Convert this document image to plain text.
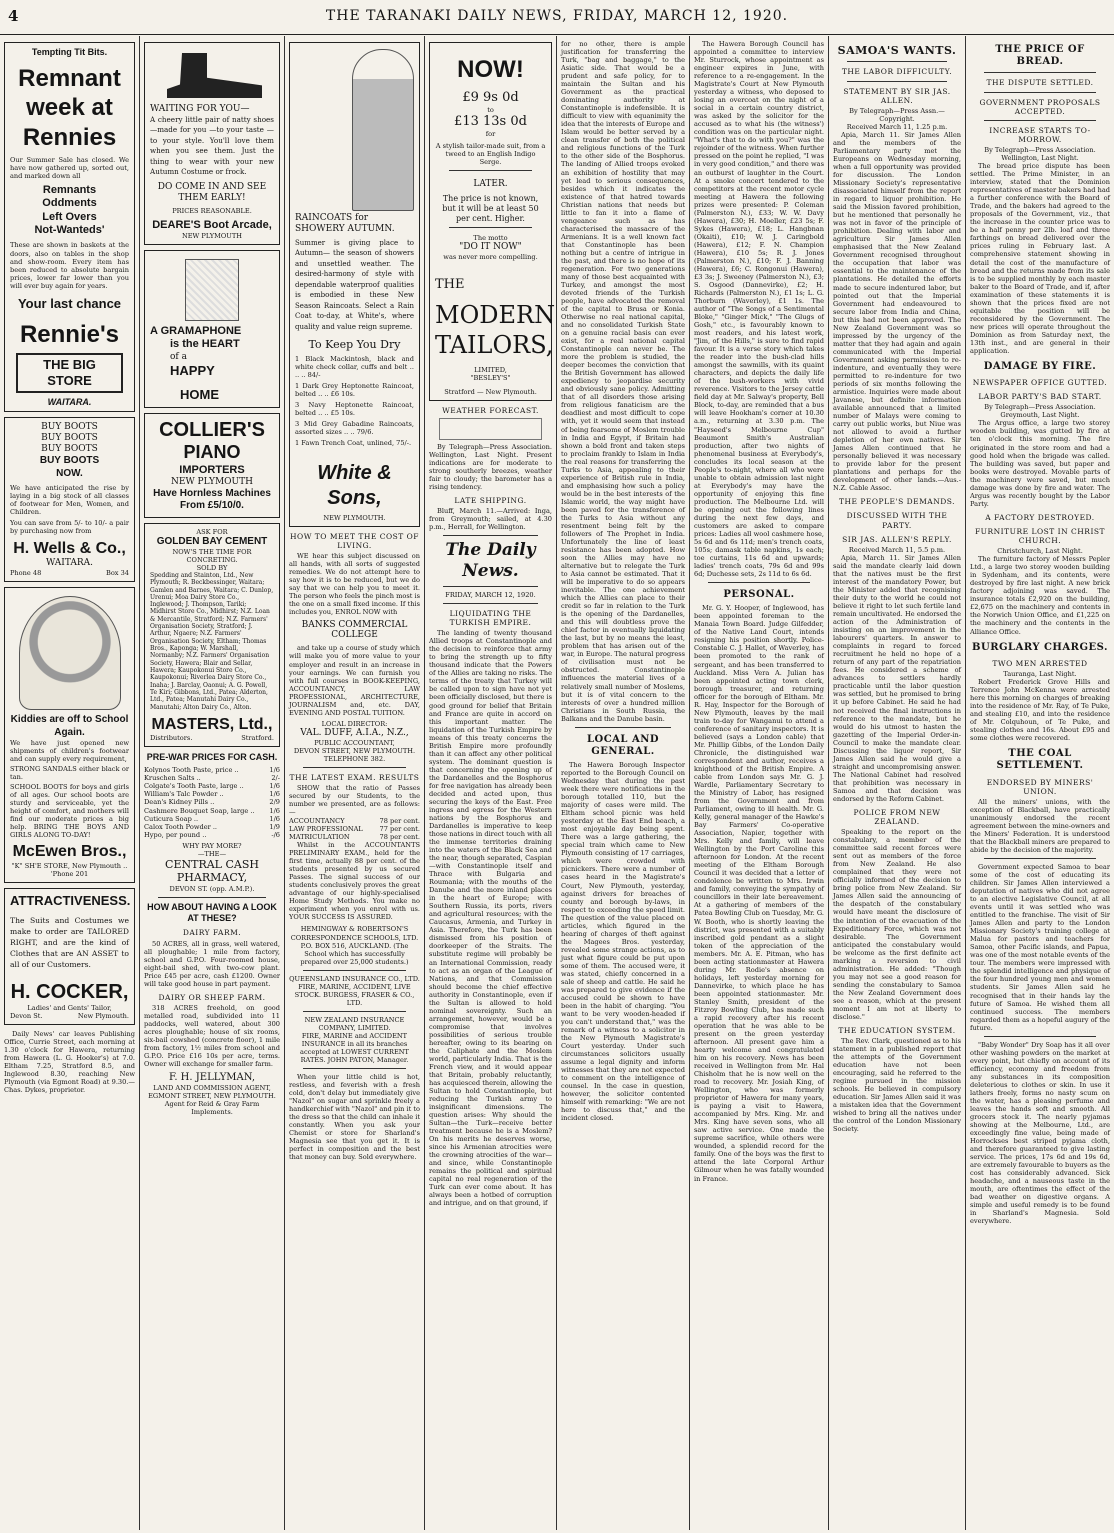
4	THE TARANAKI DAILY NEWS, FRIDAY, MARCH 12, 1920.
Tempting Tit Bits.
Remnant
week at
Rennies

Our Summer Sale has closed. We have now gathered up, sorted out, and marked down all

Remnants
Oddments
Left Overs
Not-Wanteds'

These are shown in baskets at the doors, also on tables in the shop and show-room. Every item has been reduced to absolute bargain prices, lower far lower than you will ever buy again for years.

Your last chance
Rennie's
THE BIG STORE
WAITARA.
BUY BOOTS
BUY BOOTS
BUY BOOTS
BUY BOOTS
NOW.

We have anticipated the rise by laying in a big stock of all classes of footwear for Men, Women, and Children.

You can save from 5/- to 10/- a pair by purchasing now from

H. Wells & Co.,
WAITARA.
Phone 48	Box 34
Kiddies are off to School Again.

We have just opened new shipments of children's footwear and can supply every requirement,

STRONG SANDALS either black or tan.

SCHOOL BOOTS for boys and girls of all ages. Our school boots are sturdy and serviceable, yet the height of comfort, and mothers will find our moderate prices a big help. BRING THE BOYS AND GIRLS ALONG TO-DAY!

McEwen Bros.,
"K" SH'E STORE, New Plymouth .. 'Phone 201
ATTRACTIVENESS.

The Suits and Costumes we make to order are TAILORED RIGHT, and are the kind of Clothes that are AN ASSET to all of our Customers.

H. COCKER,
Ladies' and Gents' Tailor,
Devon St.	New Plymouth.

Daily News' car leaves Publishing Office, Currie Street, each morning at 1.30 o'clock for Hawera, returning from Hawera (L. G. Hooker's) at 7.0. Eltham 7.25, Stratford 8.5, and Inglewood 8.30, reaching New Plymouth (via Egmont Road) at 9.30.—Chas. Dykes, proprietor.

WAITING FOR YOU—

A cheery little pair of natty shoes —made for you —to your taste —to your style. You'll love them when you see them. Just the thing to wear with your new Autumn Costume or frock.

DO COME IN AND SEE THEM EARLY!
PRICES REASONABLE.
DEARE'S Boot Arcade,
NEW PLYMOUTH
A GRAMAPHONE
is the HEART
of a
HAPPY
HOME
COLLIER'S
PIANO
IMPORTERS
NEW PLYMOUTH
Have Hornless Machines From £5/10/0.
ASK FOR
GOLDEN BAY CEMENT
NOW'S THE TIME FOR CONCRETING.
SOLD BY

Spedding and Stainton, Ltd., New Plymouth; R. Beckbessinger, Waitara; Gamlen and Barnes, Waitara; C. Dunlop, Urenui; Moa Dairy Store Co., Inglewood; J. Thompson, Tariki; Midhirst Store Co., Midhirst; N.Z. Loan & Mercantile, Stratford; N.Z. Farmers' Organisation Society, Stratford; J. Arthur, Ngaere; N.Z. Farmers' Organisation Society, Eltham; Thomas Bros., Kaponga; W. Marshall, Normanby; N.Z. Farmers' Organisation Society, Hawera; Blair and Sellar, Hawera; Kaupokonui Store Co., Kaupokonui; Riverlea Dairy Store Co., Inaha; J. Barclay, Oaonui; A. G. Powell, Te Kiri; Gibbons, Ltd., Patea; Alderton, Ltd., Patea; Manutahi Dairy Co., Manutahi; Alton Dairy Co., Alton.

MASTERS, Ltd.,
Distributors.	Stratford.
PRE-WAR PRICES FOR CASH.
Kolynos Tooth Paste, price ..	1/6
Kruschen Salts ..	2/-
Colgate's Tooth Paste, large ..	1/6
William's Talc Powder ..	1/6
Dean's Kidney Pills ..	2/9
Cashmere Bouquet Soap, large .. 1/6
Cuticura Soap ..	1/6
Calox Tooth Powder ..	1/9
Hypo, per pound ..	-/6
WHY PAY MORE?
—THE—
CENTRAL CASH PHARMACY,
DEVON ST. (opp. A.M.P.).
HOW ABOUT HAVING A LOOK AT THESE?
DAIRY FARM.

50 ACRES, all in grass, well watered, all ploughable; 1 mile from factory, school and G.P.O. Four-roomed house, eight-bail shed, with two-cow plant. Price £45 per acre, cash £1200. Owner will take good house in part payment.

DAIRY OR SHEEP FARM.

318 ACRES freehold, on good metalled road, subdivided into 11 paddocks, well watered, about 300 acres ploughable; house of six rooms, six-bail cowshed (concrete floor), 1 mile from factory, 1½ miles from school and G.P.O. Price £16 10s per acre, terms. Owner will exchange for smaller farm.

F. H. JELLYMAN,
LAND AND COMMISSION AGENT, EGMONT STREET, NEW PLYMOUTH.
Agent for Reid & Gray Farm Implements.
RAINCOATS for SHOWERY AUTUMN.

Summer is giving place to Autumn— the season of showers and unsettled weather. The desired-harmony of style with dependable waterproof qualities is embodied in these New Season Raincoats. Select a Rain Coat to-day, at White's, where quality and value reign supreme.

To Keep You Dry

1 Black Mackintosh, black and white check collar, cuffs and belt .. .. .. 84/-

1 Dark Grey Heptonette Raincoat, belted .. .. £6 10s.

3 Navy Heptonette Raincoat, belted .. .. £5 10s.

3 Mid Grey Gabadine Raincoats, assorted sizes .. .. 79/6.

1 Fawn Trench Coat, unlined, 75/-.

White & Sons,
NEW PLYMOUTH.
HOW TO MEET THE COST OF LIVING.

WE hear this subject discussed on all hands, with all sorts of suggested remedies. We do not attempt here to say how it is to be reduced, but we do say that we can help you to meet it. The person who feels the pinch most is the one on a small fixed income. If this includes you, ENROL NOW with

BANKS COMMERCIAL COLLEGE

and take up a course of study which will make you of more value to your employer and result in an increase in your earnings. We can furnish you with full courses in BOOK-KEEPING, ACCOUNTANCY, LAW PROFESSIONAL, ARCHITECTURE, JOURNALISM and, etc. DAY, EVENING AND POSTAL TUITION.

LOCAL DIRECTOR:
VAL. DUFF, A.I.A., N.Z.,
PUBLIC ACCOUNTANT,
DEVON STREET, NEW PLYMOUTH.
TELEPHONE 382.
THE LATEST EXAM. RESULTS

SHOW that the ratio of Passes secured by our Students, to the number we presented, are as follows:—

ACCOUNTANCY	78 per cent.
LAW PROFESSIONAL	77 per cent.
MATRICULATION	78 per cent.

Whilst in the ACCOUNTANTS PRELIMINARY EXAM., held for the first time, actually 88 per cent. of the students presented by us secured Passes. The signal success of our students conclusively proves the great advantage of our highly-specialised Home Study Methods. You make no experiment when you enrol with us. YOUR SUCCESS IS ASSURED.

HEMINGWAY & ROBERTSON'S CORRESPONDENCE SCHOOLS, LTD.
P.O. BOX 516, AUCKLAND. (The School which has successfully prepared over 25,000 students.)
QUEENSLAND INSURANCE CO., LTD.
FIRE, MARINE, ACCIDENT, LIVE STOCK. BURGESS, FRASER & CO., LTD.
NEW ZEALAND INSURANCE COMPANY, LIMITED.
FIRE, MARINE and ACCIDENT INSURANCE in all its branches accepted at LOWEST CURRENT RATES. JOHN PATON, Manager.

When your little child is hot, restless, and feverish with a fresh cold, don't delay but immediately give "Nazol" on sugar and sprinkle freely a handkerchief with "Nazol" and pin it to the dress so that the child can inhale it constantly. When you ask your Chemist or store for Sharland's Magnesia see that you get it. It is perfect in composition and the best that money can buy. Sold everywhere.

NOW!
£9 9s 0d
to
£13 13s 0d
for

A stylish tailor-made suit, from a tweed to an English Indigo Serge.

LATER.

The price is not known, but it will be at least 50 per cent. Higher.

The motto
"DO IT NOW"
was never more compelling.
THE
MODERN
TAILORS,
LIMITED,
"BESLEY'S"
Stratford — New Plymouth.
WEATHER FORECAST.

By Telegraph—Press Association. Wellington, Last Night. Present indications are for moderate to strong southerly breezes, weather fair to cloudy; the barometer has a rising tendency.

LATE SHIPPING.

Bluff, March 11.—Arrived: Inga, from Greymouth; sailed, at 4.30 p.m., Herrall, for Wellington.

The Daily News.
FRIDAY, MARCH 12, 1920.
LIQUIDATING THE TURKISH EMPIRE.

The landing of twenty thousand Allied troops at Constantinople and the decision to reinforce that army to bring the strength up to fifty thousand indicate that the Powers of the Allies are taking no risks. The terms of the treaty that Turkey will be called upon to sign have not yet been officially disclosed, but there is good ground for belief that Britain and France are quite in accord on this important matter. The liquidation of the Turkish Empire by means of this treaty concerns the British Empire more profoundly than it can affect any other political system. The dominant question is that concerning the opening up of the Dardanelles and the Bosphorus for free navigation has already been decided and acted upon, thus securing the keys of the East. Free ingress and egress for the Western nations by the Bosphorus and Dardanelles is imperative to keep those nations in direct touch with all the immense territories draining into the waters of the Black Sea and the near, though separated, Caspian—with Constantinople itself and Thrace with Bulgaria and Roumania; with the mouths of the Danube and the more inland places in the heart of Europe; with Southern Russia, its ports, rivers and agricultural resources; with the Caucasus, Armenia, and Turkey in Asia. Therefore, the Turk has been dismissed from his position of doorkeeper of the Straits. The substitute regime will probably be an International Commission, ready to act as an organ of the League of Nations, and that Commission should become the chief effective authority in Constantinople, even if the Sultan is allowed to hold nominal sovereignty. Such an arrangement, however, would be a compromise that involves possibilities of serious trouble hereafter, owing to its bearing on the Caliphate and the Moslem world, particularly India. That is the French view, and it would appear that Britain, probably reluctantly, has acquiesced therein, allowing the Sultan to hold Constantinople, but reducing the Turkish army to insignificant dimensions. The question arises: Why should the Sultan—the Turk—receive better treatment because he is a Moslem? On his merits he deserves worse, since his Armenian atrocities were the crowning atrocities of the war—and since, while Constantinople remains the political and spiritual capital no real regeneration of the Turk can ever come about. It has always been a hotbed of corruption and intrigue, and on that ground, if

for no other, there is ample justification for transferring the Turk, "bag and baggage," to the Asiatic side. That would be a prudent and safe policy, for to maintain the Sultan and his Government as the practical dominating authority at Constantinople is indefensible. It is difficult to view with equanimity the idea that the interests of Europe and Islam would be better served by a clean transfer of both the political and religious functions of the Turk to the other side of the Bosphorus. The landing of Allied troops evoked an exhibition of hostility that may yet lead to serious consequences, besides which it indicates the existence of that hatred towards Christian nations that needs but little to fan it into a flame of vengeance such as has characterised the massacre of the Armenians. It is a well known fact that Constantinople has been nothing but a centre of intrigue in the past, and there is no hope of its regeneration. For two generations many of those best acquainted with Turkey, and amongst the most devoted friends of the Turkish people, have advocated the removal of the capital to Brusa or Konia. Otherwise no real national capital, and no consolidated Turkish State on a genuine racial basis can ever exist, for a real national capital Constantinople can never be. The more the problem is studied, the deeper becomes the conviction that the British Government has allowed expediency to jeopardise security and obviously sane policy. Admitting that of all disorders those arising from religious fanaticism are the deadliest and most difficult to cope with, yet it would seem that instead of being fearsome of Moslem trouble in India and Egypt, if Britain had shown a bold front and taken steps to proclaim frankly to Islam in India the real reasons for transferring the Turks to Asia, appealing to their experience of British rule in India, and emphasising how such a policy would be in the best interests of the Islamic world, the way might have been paved for the transference of the Turks to Asia without any resentment being felt by the followers of The Prophet in India. Unfortunately the line of least resistance has been adopted. How soon the Allies may have no alternative but to relegate the Turk to Asia cannot be estimated. That it will be imperative to do so appears inevitable. The one achievement which the Allies can place to their credit so far in relation to the Turk is the opening of the Dardanelles, and this will doubtless prove the chief factor in eventually liquidating the last, but by no means the least, problem that has arisen out of the war, in Europe. The natural progress of civilisation must not be obstructed. Constantinople influences the material lives of a relatively small number of Moslems, but it is of vital concern to the interests of over a hundred million Christians in South Russia, the Balkans and the Danube basin.

LOCAL AND GENERAL.

The Hawera Borough Inspector reported to the Borough Council on Wednesday that during the past week there were notifications in the borough totalled 110, but the majority of cases were mild. The Eltham school picnic was held yesterday at the East End beach, a most enjoyable day being spent. There was a large gathering, the special train which came to New Plymouth consisting of 17 carriages, which were crowded with picnickers. There were a number of cases heard in the Magistrate's Court, New Plymouth, yesterday, against drivers for breaches of county and borough by-laws, in respect to exceeding the speed limit. The question of the value placed on articles, which figured in the hearing of charges of theft against the Magees Bros. yesterday, revealed some strange actions, as to just what figure could be put upon some of them. The accused were, it was stated, chiefly concerned in a sale of sheep and cattle. He said he was prepared to give evidence if the accused could be shown to have been in the habit of charging. "You want to be very wooden-headed if you can't understand that," was the remark of a witness to a solicitor in the New Plymouth Magistrate's Court yesterday. Under such circumstances solicitors usually assume a legal dignity and inform witnesses that they are not expected to comment on the intelligence of counsel. In the case in question, however, the solicitor contented himself with remarking: "We are not here to discuss that," and the incident closed.

The Hawera Borough Council has appointed a committee to interview Mr. Sturrock, whose appointment as engineer expires in June, with reference to a re-engagement. In the Magistrate's Court at New Plymouth yesterday a witness, who deposed to losing an overcoat on the night of a social in a certain country district, was asked by the solicitor for the accused as to what his (the witness') condition was on the particular night. "What's that to do with you?" was the rejoinder of the witness. When further pressed on the point he replied, "I was in very good condition," and there was an outburst of laughter in the Court. At a smoke concert tendered to the competitors at the recent motor cycle meeting at Hawera the following prizes were presented: P. Coleman (Palmerston N.), £33; W. W. Davy (Hawera), £30; H. Moeller, £23 5s; F. Sykes (Hawera), £18; L. Hangbnan (Okaiti), £10; W. J. Caringbold (Hawera), £12; F. N. Champion (Hawera), £10 5s; R. J. Jones (Palmerston N.), £10; F. J. Banning (Hawera), £6; C. Rongonui (Hawera), £3 3s; J. Sweeney (Palmerston N.), £3; S. Osgood (Dannevirke), £2; H. Richards (Palmerston N.), £1 1s; L. G. Thorburn (Waverley), £1 1s. The author of "The Songs of a Sentimental Bloke," "Ginger Mick," "The Glugs of Gosh," etc., is favourably known to most readers, and his latest work, "Jim, of the Hills," is sure to find rapid favour. It is a verse story which takes the reader into the bush-clad hills amongst the sawmills, with its quaint characters, and depicts the daily life of the bush-workers with vivid reverence. Visitors to the Jersey cattle field day at Mr. Salway's property, Bell Block, to-day, are reminded that a bus will leave Hookham's corner at 10.30 a.m., returning at 3.30 p.m. The "Hayseed's Melbourne Cup" Beaumont Smith's Australian production, after two nights of phenomenal business at Everybody's, concludes its local season at the People's to-night, where all who were unable to obtain admission last night at Everybody's may have the opportunity of enjoying this fine production. The Melbourne Ltd. will be opening out the following lines during the next few days, and customers are asked to compare prices: Ladies all wool cashmere hose, 5s 6d and 6s 11d; men's trench coats, 105s; damask table napkins, 1s each; toe curtains, 11s 6d and upwards; ladies' trench coats, 79s 6d and 99s 6d; Duchesse sets, 2s 11d to 6s 6d.

PERSONAL.

Mr. G. Y. Hooper, of Inglewood, has been appointed foreman to the Manaia Town Board. Judge Gilfedder, of the Native Land Court, intends resigning his position shortly. Police-Constable C. J. Hallet, of Waverley, has been promoted to the rank of sergeant, and has been transferred to Auckland. Miss Vera A. Julian has been appointed acting town clerk, borough treasurer, and returning officer for the borough of Eltham. Mr. R. Hay, Inspector for the Borough of New Plymouth, leaves by the mail train to-day for Wanganui to attend a conference of sanitary inspectors. It is believed (says a London cable) that Mr. Phillip Gibbs, of the London Daily Chronicle, the distinguished war correspondent and author, receives a knighthood of the British Empire. A cable from London says Mr. G. J. Wardle, Parliamentary Secretary to the Ministry of Labor, has resigned from the Government and from Parliament, owing to ill health. Mr. G. Kelly, general manager of the Hawke's Bay Farmers' Co-operative Association, Napier, together with Mrs. Kelly and family, will leave Wellington by the Port Caroline this afternoon for London. At the recent meeting of the Eltham Borough Council it was decided that a letter of condolence be written to Mrs. Irwin and family, conveying the sympathy of councillors in their late bereavement. At a gathering of members of the Patea Bowling Club on Tuesday, Mr. G. W. Booth, who is shortly leaving the district, was presented with a suitably inscribed gold pendant as a slight token of the appreciation of the members. Mr. A. E. Pitman, who has been acting stationmaster at Hawera during Mr. Rodie's absence on holidays, left yesterday morning for Dannevirke, to which place he has been appointed stationmaster. Mr. Stanley Smith, president of the Fitzroy Bowling Club, has made such a rapid recovery after his recent operation that he was able to be present on the green yesterday afternoon. All present gave him a hearty welcome and congratulated him on his recovery. News has been received in Wellington from Mr. Hal Chisholm that he is now well on the road to recovery. Mr. Josiah King, of Wellington, who was formerly proprietor of Hawera for many years, is paying a visit to Hawera, accompanied by Mrs. King. Mr. and Mrs. King have seven sons, who all saw active service. One made the supreme sacrifice, while others were wounded, a splendid record for the family. One of the boys was the first to attend the late Corporal Arthur Gilmour when he was fatally wounded in France.

SAMOA'S WANTS.
THE LABOR DIFFICULTY.
STATEMENT BY SIR JAS. ALLEN.
By Telegraph—Press Assn.—Copyright.
Received March 11, 1.25 p.m.

Apia, March 11. Sir James Allen and the members of the Parliamentary party met the Europeans on Wednesday morning, when a full opportunity was provided for discussion. The London Missionary Society's representative disassociated himself from the report in regard to liquor prohibition. He said the Mission favored prohibition, but he mentioned that personally he was not in favor of the principle of prohibition. Dealing with labor and agriculture Sir James Allen emphasised that the New Zealand Government recognised throughout the occupation that labor was essential to the maintenance of the plantations. He detailed the efforts made to secure indentured labor, but pointed out that the Imperial Government had endeavoured to secure labor from India and China, but this had not been approved. The New Zealand Government was so impressed by the urgency of the matter that they had again and again communicated with the Imperial Government asking permission to re-indenture, and eventually they were permitted to re-indenture for two periods of six months following the armistice. Inquiries were made about Javanese, but definite information available announced that a limited number of Malays were coming to carry out public works, but Niue was not allowed to avoid a further depletion of her own natives. Sir James Allen continued that he personally believed it was necessary to provide labor for the present plantations and perhaps for the development of other lands.—Aus.-N.Z. Cable Assoc.

THE PEOPLE'S DEMANDS.
DISCUSSED WITH THE PARTY.
SIR JAS. ALLEN'S REPLY.
Received March 11, 5.5 p.m.

Apia, March 11. Sir James Allen said the mandate clearly laid down that the natives must be the first interest of the mandatory Power, but the Minister added that recognising their duty to the world he could not believe it right to let such fertile land remain uncultivated. He endorsed the action of the Administration of insisting on an improvement in the labourers' quarters. In answer to complaints in regard to forced recruitment he held no hope of a return of any part of the repatriation fees. He considered a scheme of advances to settlers hardly practicable until the labor question was settled, but he promised to bring it up before Cabinet. He said he had not received the final instructions in reference to the mandate, but he would do his utmost to hasten the gazetting of the Imperial Order-in-Council to make the mandate clear. Discussing the liquor report, Sir James Allen said he would give a straight and uncompromising answer. The National Cabinet had resolved that prohibition was necessary in Samoa and that decision was endorsed by the Reform Cabinet.

POLICE FROM NEW ZEALAND.

Speaking to the report on the constabulary, a member of the committee said recent forces were sent out as members of the force from New Zealand. He also complained that they were not officially informed of the decision to bring police from New Zealand. Sir James Allen said the announcing of the despatch of the constabulary would have meant the disclosure of the intention of the evacuation of the Expeditionary Force, which was not desirable. The Government anticipated the constabulary would be welcome as the first definite act marking a reversion to civil administration. He added: "Though you may not see a good reason for sending the constabulary to Samoa the New Zealand Government does see a reason, which at the present moment I am not at liberty to disclose."

THE EDUCATION SYSTEM.

The Rev. Clark, questioned as to his statement in a published report that the attempts of the Government education have not been encouraging, said he referred to the regime pursued in the mission schools. He believed in compulsory education. Sir James Allen said it was a mistaken idea that the Government wished to bring all the natives under the control of the London Missionary Society.

THE PRICE OF BREAD.
THE DISPUTE SETTLED.
GOVERNMENT PROPOSALS ACCEPTED.
INCREASE STARTS TO-MORROW.
By Telegraph—Press Association.
Wellington, Last Night.

The bread price dispute has been settled. The Prime Minister, in an interview, stated that the Dominion representatives of master bakers had had a further conference with the Board of Trade, and the bakers had agreed to the proposals of the Government, viz., that the increase in the counter price was to be a half penny per 2lb. loaf and three farthings on bread delivered over the prices ruling in February last. A comprehensive statement showing in detail the cost of the manufacture of bread and the returns made from its sale is to be supplied monthly by each master baker to the Board of Trade, and if, after examination of these statements it is shown that the prices fixed are not equitable the position will be reconsidered by the Government. The new prices will operate throughout the Dominion as from Saturday next, the 13th inst., and are general in their application.

DAMAGE BY FIRE.
NEWSPAPER OFFICE GUTTED.
LABOR PARTY'S BAD START.
By Telegraph—Press Association.
Greymouth, Last Night.

The Argus office, a large two storey wooden building, was gutted by fire at ten o'clock this morning. The fire originated in the store room and had a good hold when the brigade was called. The building was saved, but paper and books were destroyed. Movable parts of the machinery were saved, but much damage was done by fire and water. The Argus was recently bought by the Labor Party.

A FACTORY DESTROYED.
FURNITURE LOST IN CHRIST CHURCH.
Christchurch, Last Night.

The furniture factory of Messrs Pepler Ltd., a large two storey wooden building in Sydenham, and its contents, were destroyed by fire last night. A new brick factory adjoining was saved. The insurance totals £2,920 on the building, £2,675 on the machinery and contents in the Norwich Union Office, and £1,225 on the machinery and the contents in the Alliance Office.

BURGLARY CHARGES.
TWO MEN ARRESTED
Tauranga, Last Night.

Robert Frederick Grove Hills and Terrence John McKenna were arrested here this morning on charges of breaking into the residence of Mr. Ray, of Te Puke, and stealing £10, and into the residence of Mr. Colquhoun, of Te Puke, and stealing clothes and 16s. About £95 and some clothes were recovered.

THE COAL SETTLEMENT.
ENDORSED BY MINERS' UNION.

All the miners' unions, with the exception of Blackball, have practically unanimously endorsed the recent agreement between the mine-owners and the Miners' Federation. It is understood that the Blackball miners are prepared to abide by the decision of the majority.

Government expected Samoa to bear some of the cost of educating its children. Sir James Allen interviewed a deputation of natives who did not agree to an elective Legislative Council, at all events until it was settled who was entitled to the franchise. The visit of Sir James Allen and party to the London Missionary Society's training college at Malua for pastors and teachers for Samoa, other Pacific islands, and Papua, was one of the most notable events of the tour. The members were impressed with the splendid intelligence and physique of the four hundred young men and women students. Sir James Allen said he recognised that in their hands lay the future of Samoa. He wished them all continued success. The members regarded them as a hopeful augury of the future.

"Baby Wonder" Dry Soap has it all over other washing powders on the market at every point, but chiefly on account of its efficiency, economy and freedom from any substances in its composition deleterious to clothes or skin. In use it lathers freely, forms no nasty scum on the water, has a pleasing perfume and leaves the hands soft and smooth. All grocers stock it. The nearly pyjamas showing at the Melbourne, Ltd., are exceedingly fine value, being made of Horrockses best striped pyjama cloth, and therefore guaranteed to give lasting service. The prices, 17s 6d and 19s 6d, are extremely favourable to buyers as the cost has considerably advanced. Sick headache, and a nauseous taste in the mouth, are oftentimes the effect of the bad weather on digestive organs. A simple and useful remedy is to be found in Sharland's Magnesia. Sold everywhere.
